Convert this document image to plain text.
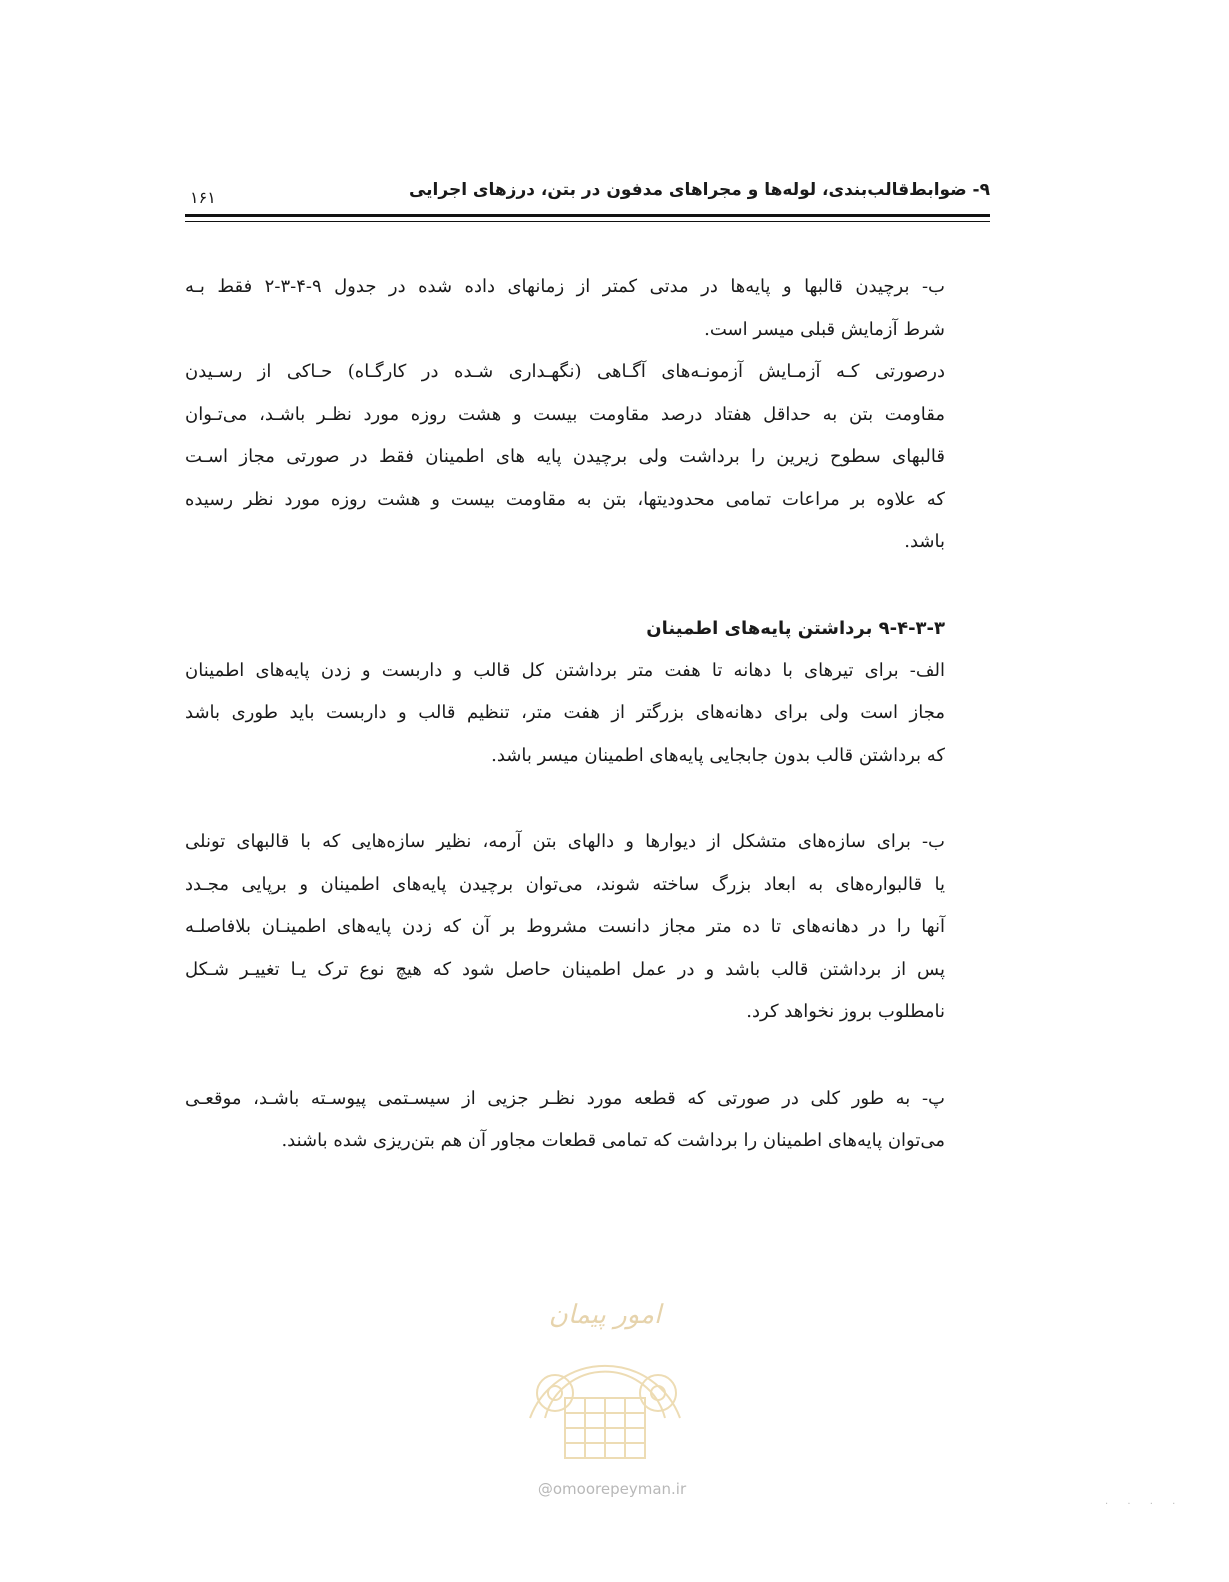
۱۶۱	۹- ضوابط‌قالب‌بندی، لوله‌ها و مجراهای مدفون در بتن، درزهای اجرایی
ب- برچیدن قالبها و پایه‌ها در مدتی کمتر از زمانهای داده شده در جدول ۹-۴-۳-۲ فقط بـه
شرط آزمایش قبلی میسر است.
درصورتی کـه آزمـایش آزمونـه‌های آگـاهی (نگهـداری شـده در کارگـاه) حـاکی از رسـیدن
مقاومت بتن به حداقل هفتاد درصد مقاومت بیست و هشت روزه مورد نظـر باشـد، می‌تـوان
قالبهای سطوح زیرین را برداشت ولی برچیدن پایه های اطمینان فقط در صورتی مجاز اسـت
که علاوه بر مراعات تمامی محدودیتها، بتن به مقاومت بیست و هشت روزه مورد نظر رسیده
باشد.
۹-۴-۳-۳ برداشتن پایه‌های اطمینان
الف- برای تیرهای با دهانه تا هفت متر برداشتن کل قالب و داربست و زدن پایه‌های اطمینان
مجاز است ولی برای دهانه‌های بزرگتر از هفت متر، تنظیم قالب و داربست باید طوری باشد
که برداشتن قالب بدون جابجایی پایه‌های اطمینان میسر باشد.
ب- برای سازه‌های متشکل از دیوارها و دالهای بتن آرمه، نظیر سازه‌هایی که با قالبهای تونلی
یا قالبواره‌های به ابعاد بزرگ ساخته شوند، می‌توان برچیدن پایه‌های اطمینان و برپایی مجـدد
آنها را در دهانه‌های تا ده متر مجاز دانست مشروط بر آن که زدن پایه‌های اطمینـان بلافاصلـه
پس از برداشتن قالب باشد و در عمل اطمینان حاصل شود که هیچ نوع ترک یـا تغییـر شـکل
نامطلوب بروز نخواهد کرد.
پ- به طور کلی در صورتی که قطعه مورد نظـر جزیی از سیسـتمی پیوسـته باشـد، موقعـی
می‌توان پایه‌های اطمینان را برداشت که تمامی قطعات مجاور آن هم بتن‌ریزی شده باشند.
امور پیمان
@omoorepeyman.ir
. . . .
